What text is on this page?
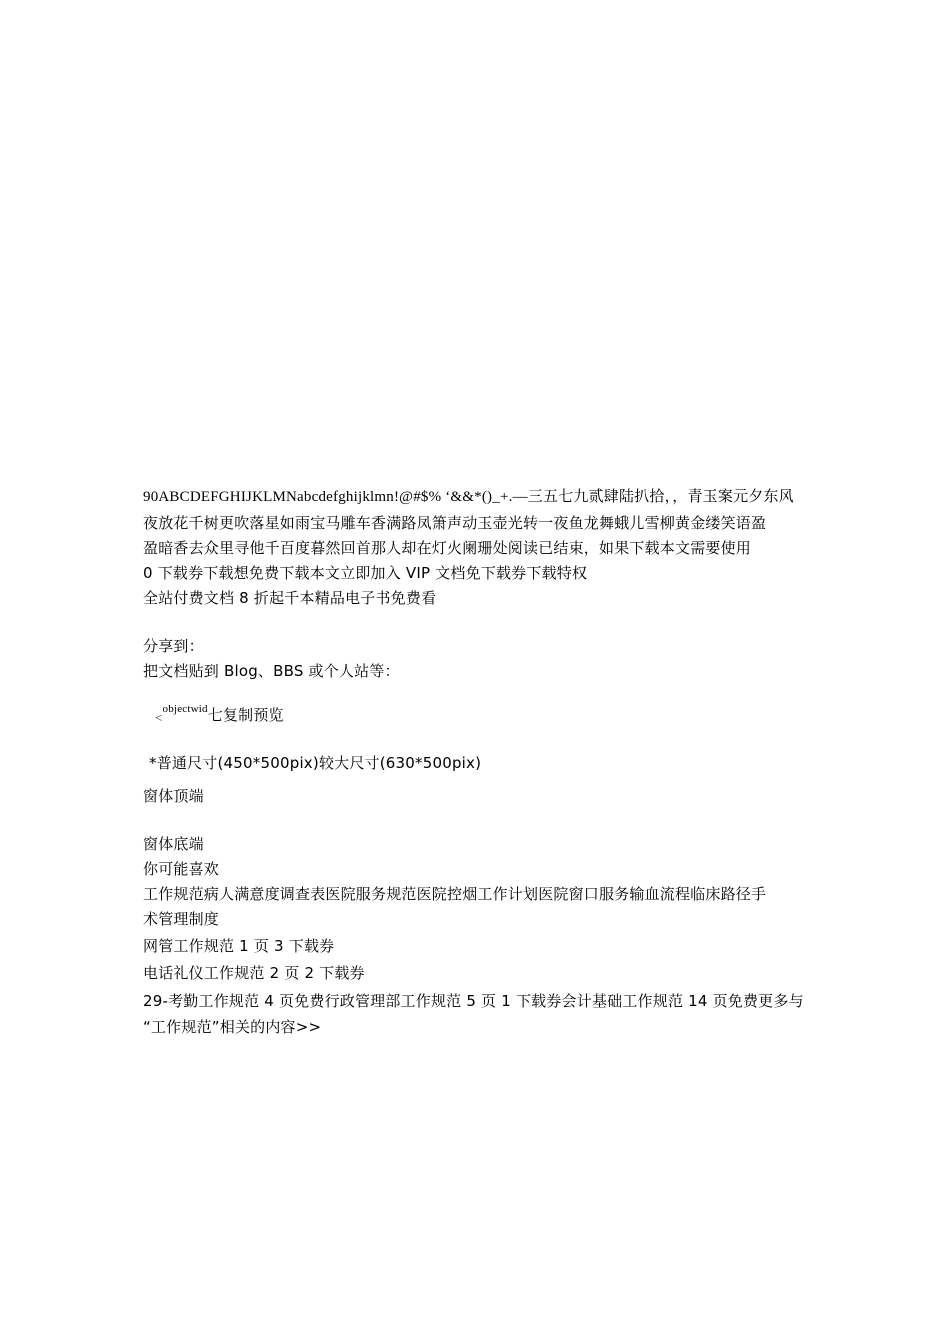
90ABCDEFGHIJKLMNabcdefghijklmn!@#$% ‘&&*()_+.—三五七九贰肆陆扒拾，，青玉案元夕东风
夜放花千树更吹落星如雨宝马雕车香满路凤箫声动玉壶光转一夜鱼龙舞蛾儿雪柳黄金缕笑语盈
盈暗香去众里寻他千百度暮然回首那人却在灯火阑珊处阅读已结束，如果下载本文需要使用
0 下载券下载想免费下载本文立即加入 VIP 文档免下载券下载特权
全站付费文档 8 折起千本精品电子书免费看
分享到：
把文档贴到 Blog、BBS 或个人站等：
<$^{objectwid}$七复制预览
*普通尺寸(450*500pix)较大尺寸(630*500pix)
窗体顶端
窗体底端
你可能喜欢
工作规范病人满意度调查表医院服务规范医院控烟工作计划医院窗口服务输血流程临床路径手
术管理制度
网管工作规范 1 页 3 下载券
电话礼仪工作规范 2 页 2 下载券
29-考勤工作规范 4 页免费行政管理部工作规范 5 页 1 下载券会计基础工作规范 14 页免费更多与
“工作规范”相关的内容>>
